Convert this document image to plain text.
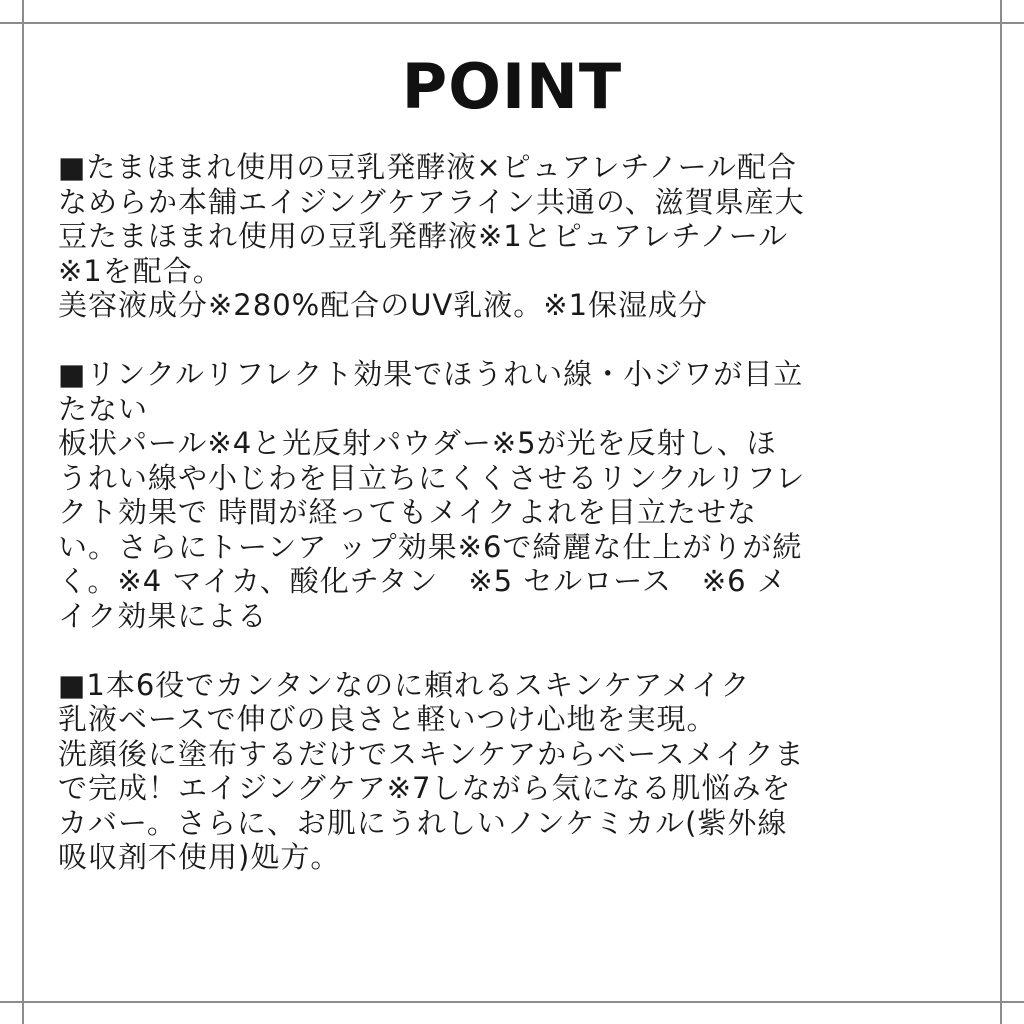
POINT
■たまほまれ使用の豆乳発酵液×ピュアレチノール配合
なめらか本舗エイジングケアライン共通の、滋賀県産大
豆たまほまれ使用の豆乳発酵液※1とピュアレチノール
※1を配合。
美容液成分※280%配合のUV乳液。※1保湿成分

■リンクルリフレクト効果でほうれい線・小ジワが目立
たない
板状パール※4と光反射パウダー※5が光を反射し、ほ
うれい線や小じわを目立ちにくくさせるリンクルリフレ
クト効果で 時間が経ってもメイクよれを目立たせな
い。さらにトーンア ップ効果※6で綺麗な仕上がりが続
く。※4 マイカ、酸化チタン　※5 セルロース　※6 メ
イク効果による

■1本6役でカンタンなのに頼れるスキンケアメイク
乳液ベースで伸びの良さと軽いつけ心地を実現。
洗顔後に塗布するだけでスキンケアからベースメイクま
で完成！エイジングケア※7しながら気になる肌悩みを
カバー。さらに、お肌にうれしいノンケミカル(紫外線
吸収剤不使用)処方。
